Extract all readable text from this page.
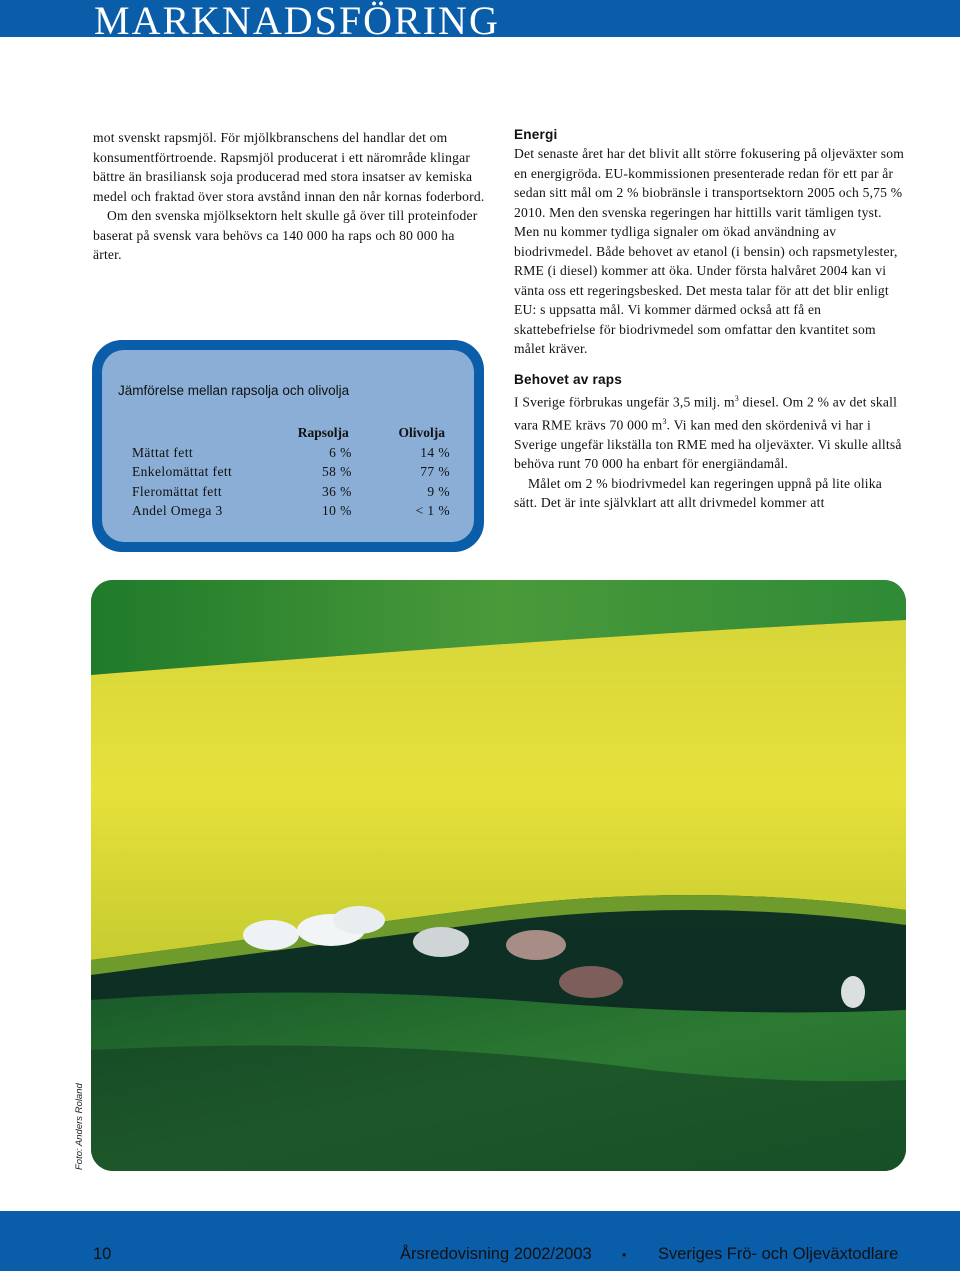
MARKNADSFÖRING

mot svenskt rapsmjöl. För mjölkbranschens del handlar det om konsumentförtroende. Rapsmjöl producerat i ett närområde klingar bättre än brasiliansk soja producerad med stora insatser av kemiska medel och fraktad över stora avstånd innan den når kornas foderbord.

Om den svenska mjölksektorn helt skulle gå över till proteinfoder baserat på svensk vara behövs ca 140 000 ha raps och 80 000 ha ärter.

Jämförelse mellan rapsolja och olivolja
	Rapsolja	Olivolja
Mättat fett	6 %	14 %
Enkelomättat fett	58 %	77 %
Fleromättat fett	36 %	9 %
Andel Omega 3	10 %	< 1 %
Energi

Det senaste året har det blivit allt större fokusering på oljeväxter som en energigröda. EU-kommissionen presenterade redan för ett par år sedan sitt mål om 2 % biobränsle i transportsektorn 2005 och 5,75 % 2010. Men den svenska regeringen har hittills varit tämligen tyst. Men nu kommer tydliga signaler om ökad användning av biodrivmedel. Både behovet av etanol (i bensin) och rapsmetylester, RME (i diesel) kommer att öka. Under första halvåret 2004 kan vi vänta oss ett regeringsbesked. Det mesta talar för att det blir enligt EU: s uppsatta mål. Vi kommer därmed också att få en skattebefrielse för biodrivmedel som omfattar den kvantitet som målet kräver.

Behovet av raps

I Sverige förbrukas ungefär 3,5 milj. $m^3$ diesel. Om 2 % av det skall vara RME krävs 70 000 $m^3$. Vi kan med den skördenivå vi har i Sverige ungefär likställa ton RME med ha oljeväxter. Vi skulle alltså behöva runt 70 000 ha enbart för energiändamål.

Målet om 2 % biodrivmedel kan regeringen uppnå på lite olika sätt. Det är inte självklart att allt drivmedel kommer att

Foto: Anders Roland
10	Årsredovisning 2002/2003	• Sveriges Frö- och Oljeväxtodlare
